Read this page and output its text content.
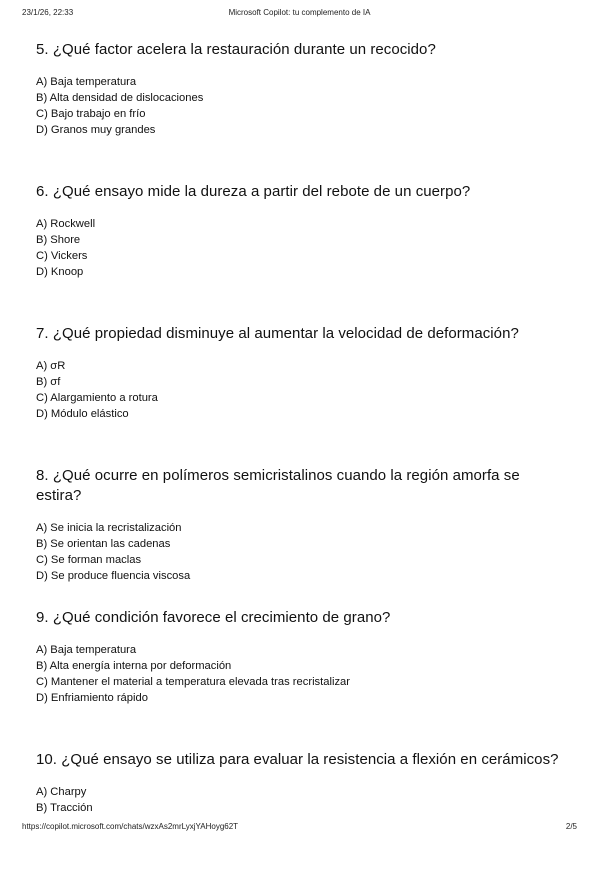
23/1/26, 22:33	Microsoft Copilot: tu complemento de IA
5. ¿Qué factor acelera la restauración durante un recocido?
A) Baja temperatura
B) Alta densidad de dislocaciones
C) Bajo trabajo en frío
D) Granos muy grandes
6. ¿Qué ensayo mide la dureza a partir del rebote de un cuerpo?
A) Rockwell
B) Shore
C) Vickers
D) Knoop
7. ¿Qué propiedad disminuye al aumentar la velocidad de deformación?
A) σR
B) σf
C) Alargamiento a rotura
D) Módulo elástico
8. ¿Qué ocurre en polímeros semicristalinos cuando la región amorfa se estira?
A) Se inicia la recristalización
B) Se orientan las cadenas
C) Se forman maclas
D) Se produce fluencia viscosa
9. ¿Qué condición favorece el crecimiento de grano?
A) Baja temperatura
B) Alta energía interna por deformación
C) Mantener el material a temperatura elevada tras recristalizar
D) Enfriamiento rápido
10. ¿Qué ensayo se utiliza para evaluar la resistencia a flexión en cerámicos?
A) Charpy
B) Tracción
https://copilot.microsoft.com/chats/wzxAs2mrLyxjYAHoyg62T	2/5
